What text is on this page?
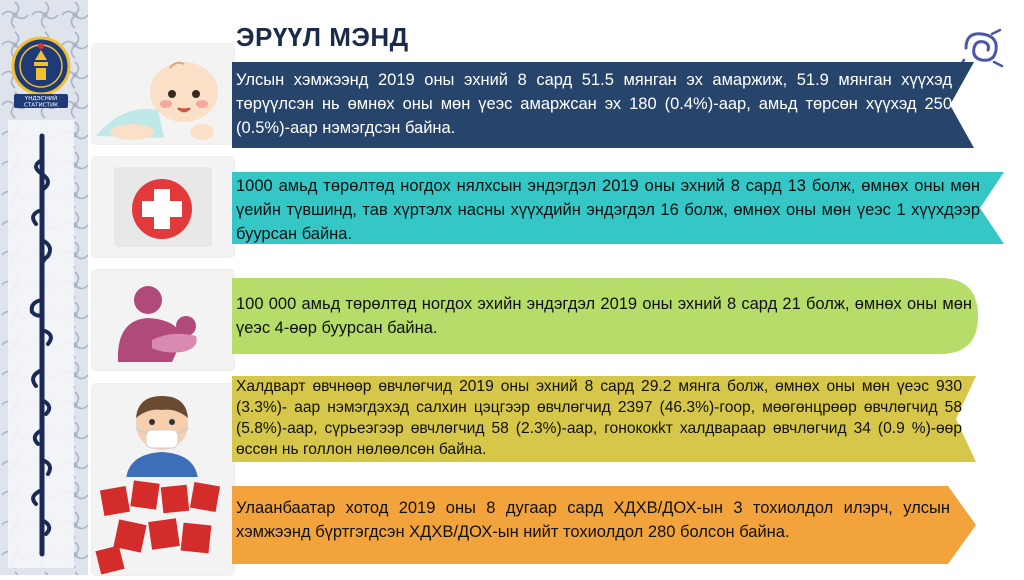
ҮНДЭСНИЙ
СТАТИСТИК
ЭРҮҮЛ МЭНД
Улсын хэмжээнд 2019 оны эхний 8 сард 51.5 мянган эх амаржиж, 51.9 мянган хүүхэд төрүүлсэн нь өмнөх оны мөн үеэс амаржсан эх 180 (0.4%)-аар, амьд төрсөн хүүхэд 250 (0.5%)-аар нэмэгдсэн байна.
1000 амьд төрөлтөд ногдох нялхсын эндэгдэл 2019 оны эхний 8 сард 13 болж, өмнөх оны мөн үеийн түвшинд, тав хүртэлх насны хүүхдийн эндэгдэл 16 болж, өмнөх оны мөн үеэс 1 хүүхдээр буурсан байна.
100 000 амьд төрөлтөд ногдох эхийн эндэгдэл 2019 оны эхний 8 сард 21 болж, өмнөх оны мөн үеэс 4-өөр буурсан байна.
Халдварт өвчнөөр өвчлөгчид 2019 оны эхний 8 сард 29.2 мянга болж, өмнөх оны мөн үеэс 930 (3.3%)- аар нэмэгдэхэд салхин цэцгээр өвчлөгчид 2397 (46.3%)-гоор, мөөгөнцрөөр өвчлөгчид 58 (5.8%)-аар, сүрьеэгээр өвчлөгчид 58 (2.3%)-аар, гонококkт халдвараар өвчлөгчид 34 (0.9 %)-өөр өссөн нь голлон нөлөөлсөн байна.
Улаанбаатар хотод 2019 оны 8 дугаар сард ХДХВ/ДОХ-ын 3 тохиолдол илэрч, улсын хэмжээнд бүртгэгдсэн ХДХВ/ДОХ-ын нийт тохиолдол 280 болсон байна.
